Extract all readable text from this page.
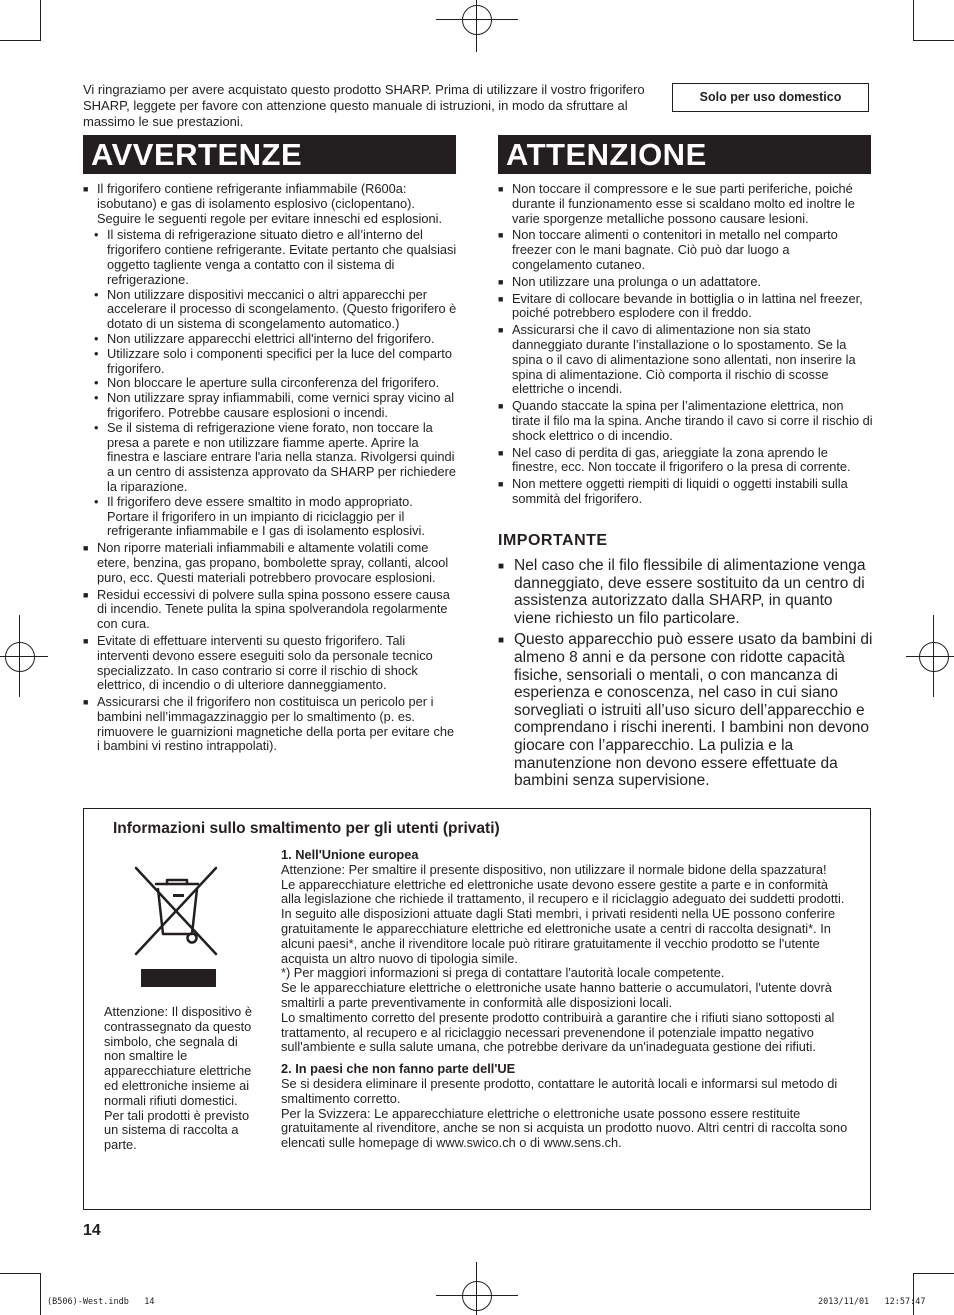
Vi ringraziamo per avere acquistato questo prodotto SHARP. Prima di utilizzare il vostro frigorifero SHARP, leggete per favore con attenzione questo manuale di istruzioni, in modo da sfruttare al massimo le sue prestazioni.
Solo per uso domestico
AVVERTENZE
■ Il frigorifero contiene refrigerante infiammabile (R600a: isobutano) e gas di isolamento esplosivo (ciclopentano). Seguire le seguenti regole per evitare inneschi ed esplosioni.
• Il sistema di refrigerazione situato dietro e all’interno del frigorifero contiene refrigerante. Evitate pertanto che qualsiasi oggetto tagliente venga a contatto con il sistema di refrigerazione.
• Non utilizzare dispositivi meccanici o altri apparecchi per accelerare il processo di scongelamento. (Questo frigorifero è dotato di un sistema di scongelamento automatico.)
• Non utilizzare apparecchi elettrici all'interno del frigorifero.
• Utilizzare solo i componenti specifici per la luce del comparto frigorifero.
• Non bloccare le aperture sulla circonferenza del frigorifero.
• Non utilizzare spray infiammabili, come vernici spray vicino al frigorifero. Potrebbe causare esplosioni o incendi.
• Se il sistema di refrigerazione viene forato, non toccare la presa a parete e non utilizzare fiamme aperte. Aprire la finestra e lasciare entrare l'aria nella stanza. Rivolgersi quindi a un centro di assistenza approvato da SHARP per richiedere la riparazione.
• Il frigorifero deve essere smaltito in modo appropriato. Portare il frigorifero in un impianto di riciclaggio per il refrigerante infiammabile e I gas di isolamento esplosivi.
■ Non riporre materiali infiammabili e altamente volatili come etere, benzina, gas propano, bombolette spray, collanti, alcool puro, ecc. Questi materiali potrebbero provocare esplosioni.
■ Residui eccessivi di polvere sulla spina possono essere causa di incendio. Tenete pulita la spina spolverandola regolarmente con cura.
■ Evitate di effettuare interventi su questo frigorifero. Tali interventi devono essere eseguiti solo da personale tecnico specializzato. In caso contrario si corre il rischio di shock elettrico, di incendio o di ulteriore danneggiamento.
■ Assicurarsi che il frigorifero non costituisca un pericolo per i bambini nell’immagazzinaggio per lo smaltimento (p. es. rimuovere le guarnizioni magnetiche della porta per evitare che i bambini vi restino intrappolati).
ATTENZIONE
■ Non toccare il compressore e le sue parti periferiche, poiché durante il funzionamento esse si scaldano molto ed inoltre le varie sporgenze metalliche possono causare lesioni.
■ Non toccare alimenti o contenitori in metallo nel comparto freezer con le mani bagnate. Ciò può dar luogo a congelamento cutaneo.
■ Non utilizzare una prolunga o un adattatore.
■ Evitare di collocare bevande in bottiglia o in lattina nel freezer, poiché potrebbero esplodere con il freddo.
■ Assicurarsi che il cavo di alimentazione non sia stato danneggiato durante l’installazione o lo spostamento. Se la spina o il cavo di alimentazione sono allentati, non inserire la spina di alimentazione. Ciò comporta il rischio di scosse elettriche o incendi.
■ Quando staccate la spina per l’alimentazione elettrica, non tirate il filo ma la spina. Anche tirando il cavo si corre il rischio di shock elettrico o di incendio.
■ Nel caso di perdita di gas, arieggiate la zona aprendo le finestre, ecc. Non toccate il frigorifero o la presa di corrente.
■ Non mettere oggetti riempiti di liquidi o oggetti instabili sulla sommità del frigorifero.
IMPORTANTE
■ Nel caso che il filo flessibile di alimentazione venga danneggiato, deve essere sostituito da un centro di assistenza autorizzato dalla SHARP, in quanto viene richiesto un filo particolare.
■ Questo apparecchio può essere usato da bambini di almeno 8 anni e da persone con ridotte capacità fisiche, sensoriali o mentali, o con mancanza di esperienza e conoscenza, nel caso in cui siano sorvegliati o istruiti all’uso sicuro dell’apparecchio e comprendano i rischi inerenti. I bambini non devono giocare con l’apparecchio. La pulizia e la manutenzione non devono essere effettuate da bambini senza supervisione.
Informazioni sullo smaltimento per gli utenti (privati)
Attenzione: Il dispositivo è contrassegnato da questo simbolo, che segnala di non smaltire le apparecchiature elettriche ed elettroniche insieme ai normali rifiuti domestici. Per tali prodotti è previsto un sistema di raccolta a parte.

1. Nell'Unione europea

Attenzione: Per smaltire il presente dispositivo, non utilizzare il normale bidone della spazzatura!

Le apparecchiature elettriche ed elettroniche usate devono essere gestite a parte e in conformità alla legislazione che richiede il trattamento, il recupero e il riciclaggio adeguato dei suddetti prodotti.

In seguito alle disposizioni attuate dagli Stati membri, i privati residenti nella UE possono conferire gratuitamente le apparecchiature elettriche ed elettroniche usate a centri di raccolta designati*. In alcuni paesi*, anche il rivenditore locale può ritirare gratuitamente il vecchio prodotto se l'utente acquista un altro nuovo di tipologia simile.

*) Per maggiori informazioni si prega di contattare l'autorità locale competente.

Se le apparecchiature elettriche o elettroniche usate hanno batterie o accumulatori, l'utente dovrà smaltirli a parte preventivamente in conformità alle disposizioni locali.

Lo smaltimento corretto del presente prodotto contribuirà a garantire che i rifiuti siano sottoposti al trattamento, al recupero e al riciclaggio necessari prevenendone il potenziale impatto negativo sull'ambiente e sulla salute umana, che potrebbe derivare da un'inadeguata gestione dei rifiuti.

2. In paesi che non fanno parte dell'UE

Se si desidera eliminare il presente prodotto, contattare le autorità locali e informarsi sul metodo di smaltimento corretto.

Per la Svizzera: Le apparecchiature elettriche o elettroniche usate possono essere restituite gratuitamente al rivenditore, anche se non si acquista un prodotto nuovo. Altri centri di raccolta sono elencati sulle homepage di www.swico.ch o di www.sens.ch.

14
(B506)-West.indb   14	2013/11/01   12:57:47
